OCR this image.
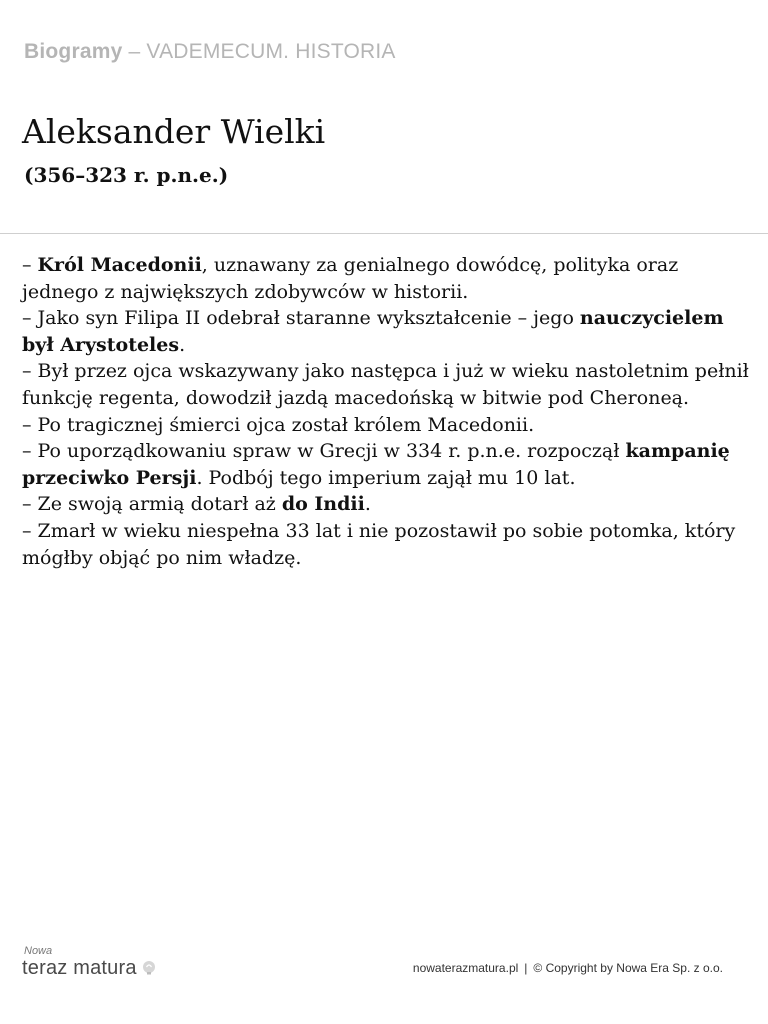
Biogramy – VADEMECUM. HISTORIA
Aleksander Wielki
(356–323 r. p.n.e.)

– Król Macedonii, uznawany za genialnego dowódcę, polityka oraz jednego z największych zdobywców w historii.

– Jako syn Filipa II odebrał staranne wykształcenie – jego nauczycielem był Arystoteles.

– Był przez ojca wskazywany jako następca i już w wieku nastoletnim pełnił funkcję regenta, dowodził jazdą macedońską w bitwie pod Cheroneą.

– Po tragicznej śmierci ojca został królem Macedonii.

– Po uporządkowaniu spraw w Grecji w 334 r. p.n.e. rozpoczął kampanię przeciwko Persji. Podbój tego imperium zajął mu 10 lat.

– Ze swoją armią dotarł aż do Indii.

– Zmarł w wieku niespełna 33 lat i nie pozostawił po sobie potomka, który mógłby objąć po nim władzę.

Nowa
teraz matura	nowaterazmatura.pl | © Copyright by Nowa Era Sp. z o.o.
